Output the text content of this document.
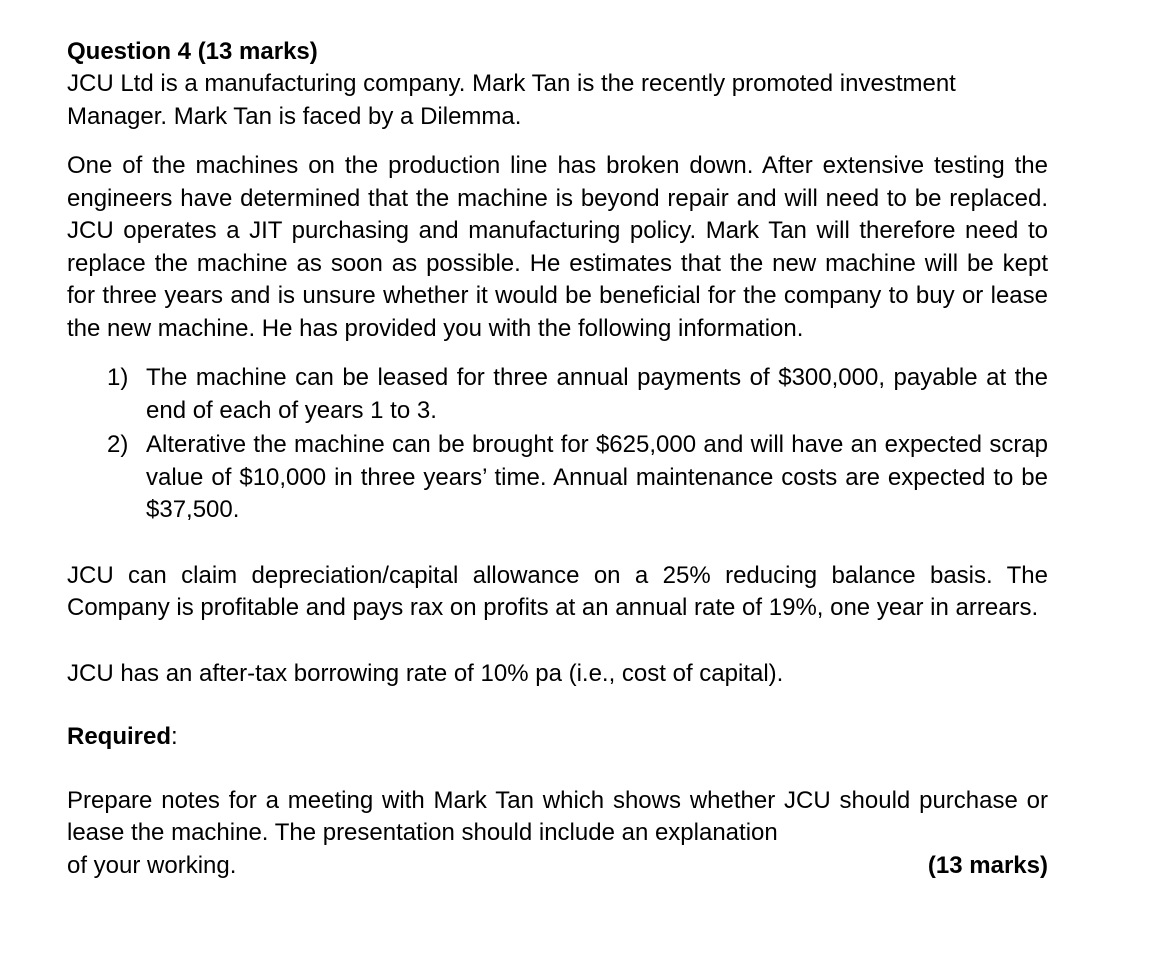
Question 4 (13 marks)

JCU Ltd is a manufacturing company. Mark Tan is the recently promoted investment Manager. Mark Tan is faced by a Dilemma.

One of the machines on the production line has broken down. After extensive testing the engineers have determined that the machine is beyond repair and will need to be replaced. JCU operates a JIT purchasing and manufacturing policy. Mark Tan will therefore need to replace the machine as soon as possible. He estimates that the new machine will be kept for three years and is unsure whether it would be beneficial for the company to buy or lease the new machine. He has provided you with the following information.

1) The machine can be leased for three annual payments of $300,000, payable at the end of each of years 1 to 3.
2) Alterative the machine can be brought for $625,000 and will have an expected scrap value of $10,000 in three years’ time. Annual maintenance costs are expected to be $37,500.

JCU can claim depreciation/capital allowance on a 25% reducing balance basis. The Company is profitable and pays rax on profits at an annual rate of 19%, one year in arrears.

JCU has an after-tax borrowing rate of 10% pa (i.e., cost of capital).

Required:

Prepare notes for a meeting with Mark Tan which shows whether JCU should purchase or lease the machine. The presentation should include an explanation

of your working.	(13 marks)
